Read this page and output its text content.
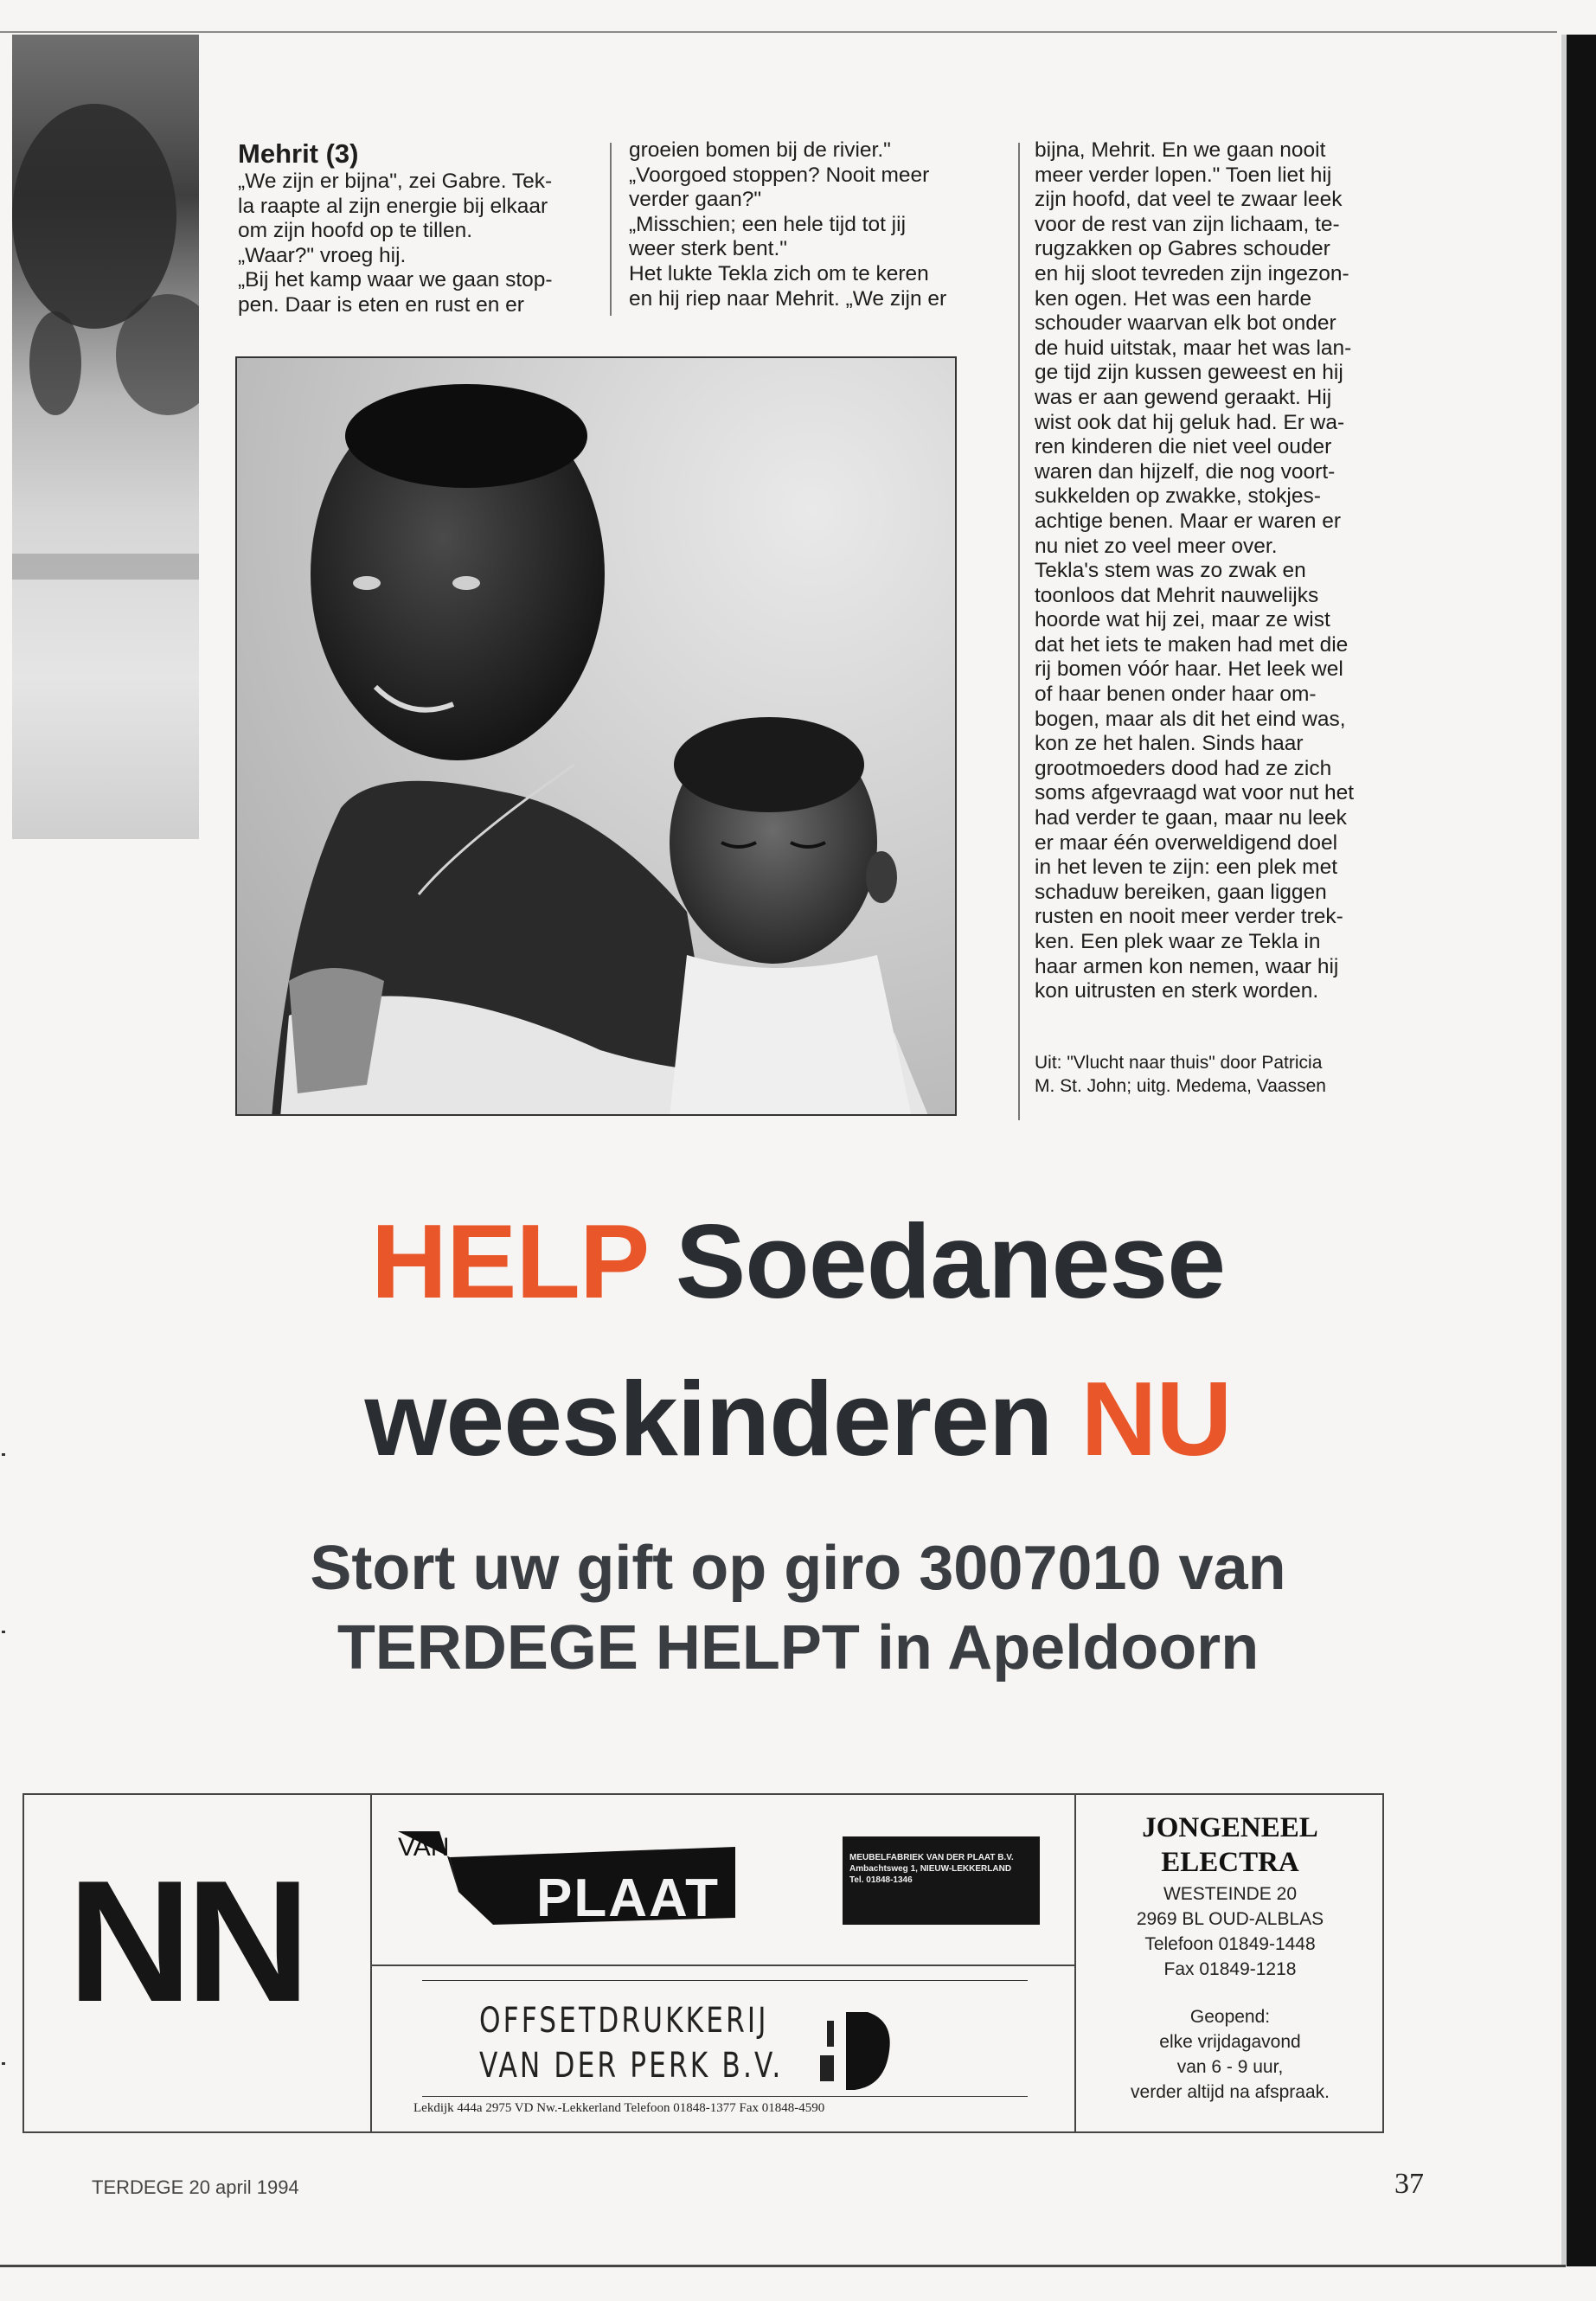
Mehrit (3)

„We zijn er bijna", zei Gabre. Tek-
la raapte al zijn energie bij elkaar
om zijn hoofd op te tillen.
„Waar?" vroeg hij.
„Bij het kamp waar we gaan stop-
pen. Daar is eten en rust en er

groeien bomen bij de rivier."
„Voorgoed stoppen? Nooit meer
verder gaan?"
„Misschien; een hele tijd tot jij
weer sterk bent."
Het lukte Tekla zich om te keren
en hij riep naar Mehrit. „We zijn er

bijna, Mehrit. En we gaan nooit
meer verder lopen." Toen liet hij
zijn hoofd, dat veel te zwaar leek
voor de rest van zijn lichaam, te-
rugzakken op Gabres schouder
en hij sloot tevreden zijn ingezon-
ken ogen. Het was een harde
schouder waarvan elk bot onder
de huid uitstak, maar het was lan-
ge tijd zijn kussen geweest en hij
was er aan gewend geraakt. Hij
wist ook dat hij geluk had. Er wa-
ren kinderen die niet veel ouder
waren dan hijzelf, die nog voort-
sukkelden op zwakke, stokjes-
achtige benen. Maar er waren er
nu niet zo veel meer over.
Tekla's stem was zo zwak en
toonloos dat Mehrit nauwelijks
hoorde wat hij zei, maar ze wist
dat het iets te maken had met die
rij bomen vóór haar. Het leek wel
of haar benen onder haar om-
bogen, maar als dit het eind was,
kon ze het halen. Sinds haar
grootmoeders dood had ze zich
soms afgevraagd wat voor nut het
had verder te gaan, maar nu leek
er maar één overweldigend doel
in het leven te zijn: een plek met
schaduw bereiken, gaan liggen
rusten en nooit meer verder trek-
ken. Een plek waar ze Tekla in
haar armen kon nemen, waar hij
kon uitrusten en sterk worden.

Uit: "Vlucht naar thuis" door Patricia
M. St. John; uitg. Medema, Vaassen

HELP Soedanese
weeskinderen NU
Stort uw gift op giro 3007010 van
TERDEGE HELPT in Apeldoorn
NN	VAN
PLAAT
MEUBELFABRIEK VAN DER PLAAT B.V.
Ambachtsweg 1, NIEUW-LEKKERLAND
Tel. 01848-1346
OFFSETDRUKKERIJ
VAN DER PERK B.V.
Lekdijk 444a 2975 VD Nw.-Lekkerland Telefoon 01848-1377 Fax 01848-4590
JONGENEEL
ELECTRA
WESTEINDE 20
2969 BL OUD-ALBLAS
Telefoon 01849-1448
Fax 01849-1218
Geopend:
elke vrijdagavond
van 6 - 9 uur,
verder altijd na afspraak.
TERDEGE 20 april 1994	37
